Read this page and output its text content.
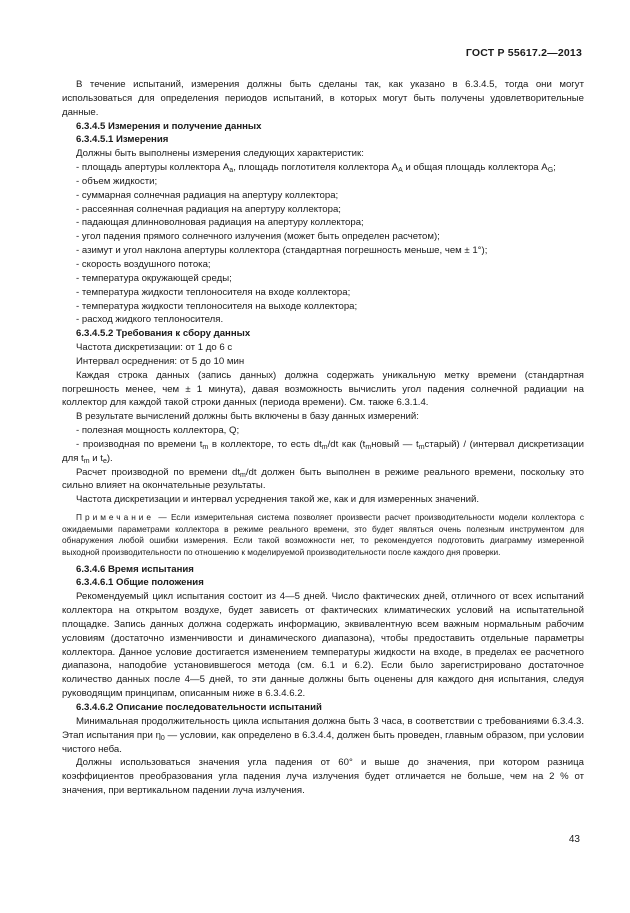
ГОСТ Р 55617.2—2013

В течение испытаний, измерения должны быть сделаны так, как указано в 6.3.4.5, тогда они могут использоваться для определения периодов испытаний, в которых могут быть получены удовлетворительные данные.

6.3.4.5 Измерения и получение данных

6.3.4.5.1 Измерения

Должны быть выполнены измерения следующих характеристик:

- площадь апертуры коллектора $A_a$, площадь поглотителя коллектора $A_A$ и общая площадь коллектора $A_G$;

- объем жидкости;

- суммарная солнечная радиация на апертуру коллектора;

- рассеянная солнечная радиация на апертуру коллектора;

- падающая длинноволновая радиация на апертуру коллектора;

- угол падения прямого солнечного излучения (может быть определен расчетом);

- азимут и угол наклона апертуры коллектора (стандартная погрешность меньше, чем ± 1°);

- скорость воздушного потока;

- температура окружающей среды;

- температура жидкости теплоносителя на входе коллектора;

- температура жидкости теплоносителя на выходе коллектора;

- расход жидкого теплоносителя.

6.3.4.5.2 Требования к сбору данных

Частота дискретизации: от 1 до 6 с

Интервал осреднения: от 5 до 10 мин

Каждая строка данных (запись данных) должна содержать уникальную метку времени (стандартная погрешность менее, чем ± 1 минута), давая возможность вычислить угол падения солнечной радиации на коллектор для каждой такой строки данных (периода времени). См. также 6.3.1.4.

В результате вычислений должны быть включены в базу данных измерений:

- полезная мощность коллектора, Q;

- производная по времени $t_m$ в коллекторе, то есть $dt_m/dt$ как ($t_mновый$ — $t_mстарый$) / (интервал дискретизации для $t_m$ и $t_e$).

Расчет производной по времени $dt_m/dt$ должен быть выполнен в режиме реального времени, поскольку это сильно влияет на окончательные результаты.

Частота дискретизации и интервал усреднения такой же, как и для измеренных значений.

Примечание — Если измерительная система позволяет произвести расчет производительности модели коллектора с ожидаемыми параметрами коллектора в режиме реального времени, это будет являться очень полезным инструментом для обнаружения любой ошибки измерения. Если такой возможности нет, то рекомендуется подготовить диаграмму измеренной выходной производительности по отношению к моделируемой производительности после каждого дня проверки.

6.3.4.6 Время испытания

6.3.4.6.1 Общие положения

Рекомендуемый цикл испытания состоит из 4—5 дней. Число фактических дней, отличного от всех испытаний коллектора на открытом воздухе, будет зависеть от фактических климатических условий на испытательной площадке. Запись данных должна содержать информацию, эквивалентную всем важным нормальным рабочим условиям (достаточно изменчивости и динамического диапазона), чтобы предоставить отдельные параметры коллектора. Данное условие достигается изменением температуры жидкости на входе, в пределах ее расчетного диапазона, наподобие установившегося метода (см. 6.1 и 6.2). Если было зарегистрировано достаточное количество данных после 4—5 дней, то эти данные должны быть оценены для каждого дня испытания, следуя руководящим принципам, описанным ниже в 6.3.4.6.2.

6.3.4.6.2 Описание последовательности испытаний

Минимальная продолжительность цикла испытания должна быть 3 часа, в соответствии с требованиями 6.3.4.3. Этап испытания при $\eta_0$ — условии, как определено в 6.3.4.4, должен быть проведен, главным образом, при условии чистого неба.

Должны использоваться значения угла падения от 60° и выше до значения, при котором разница коэффициентов преобразования угла падения луча излучения будет отличается не больше, чем на 2 % от значения, при вертикальном падении луча излучения.

43
